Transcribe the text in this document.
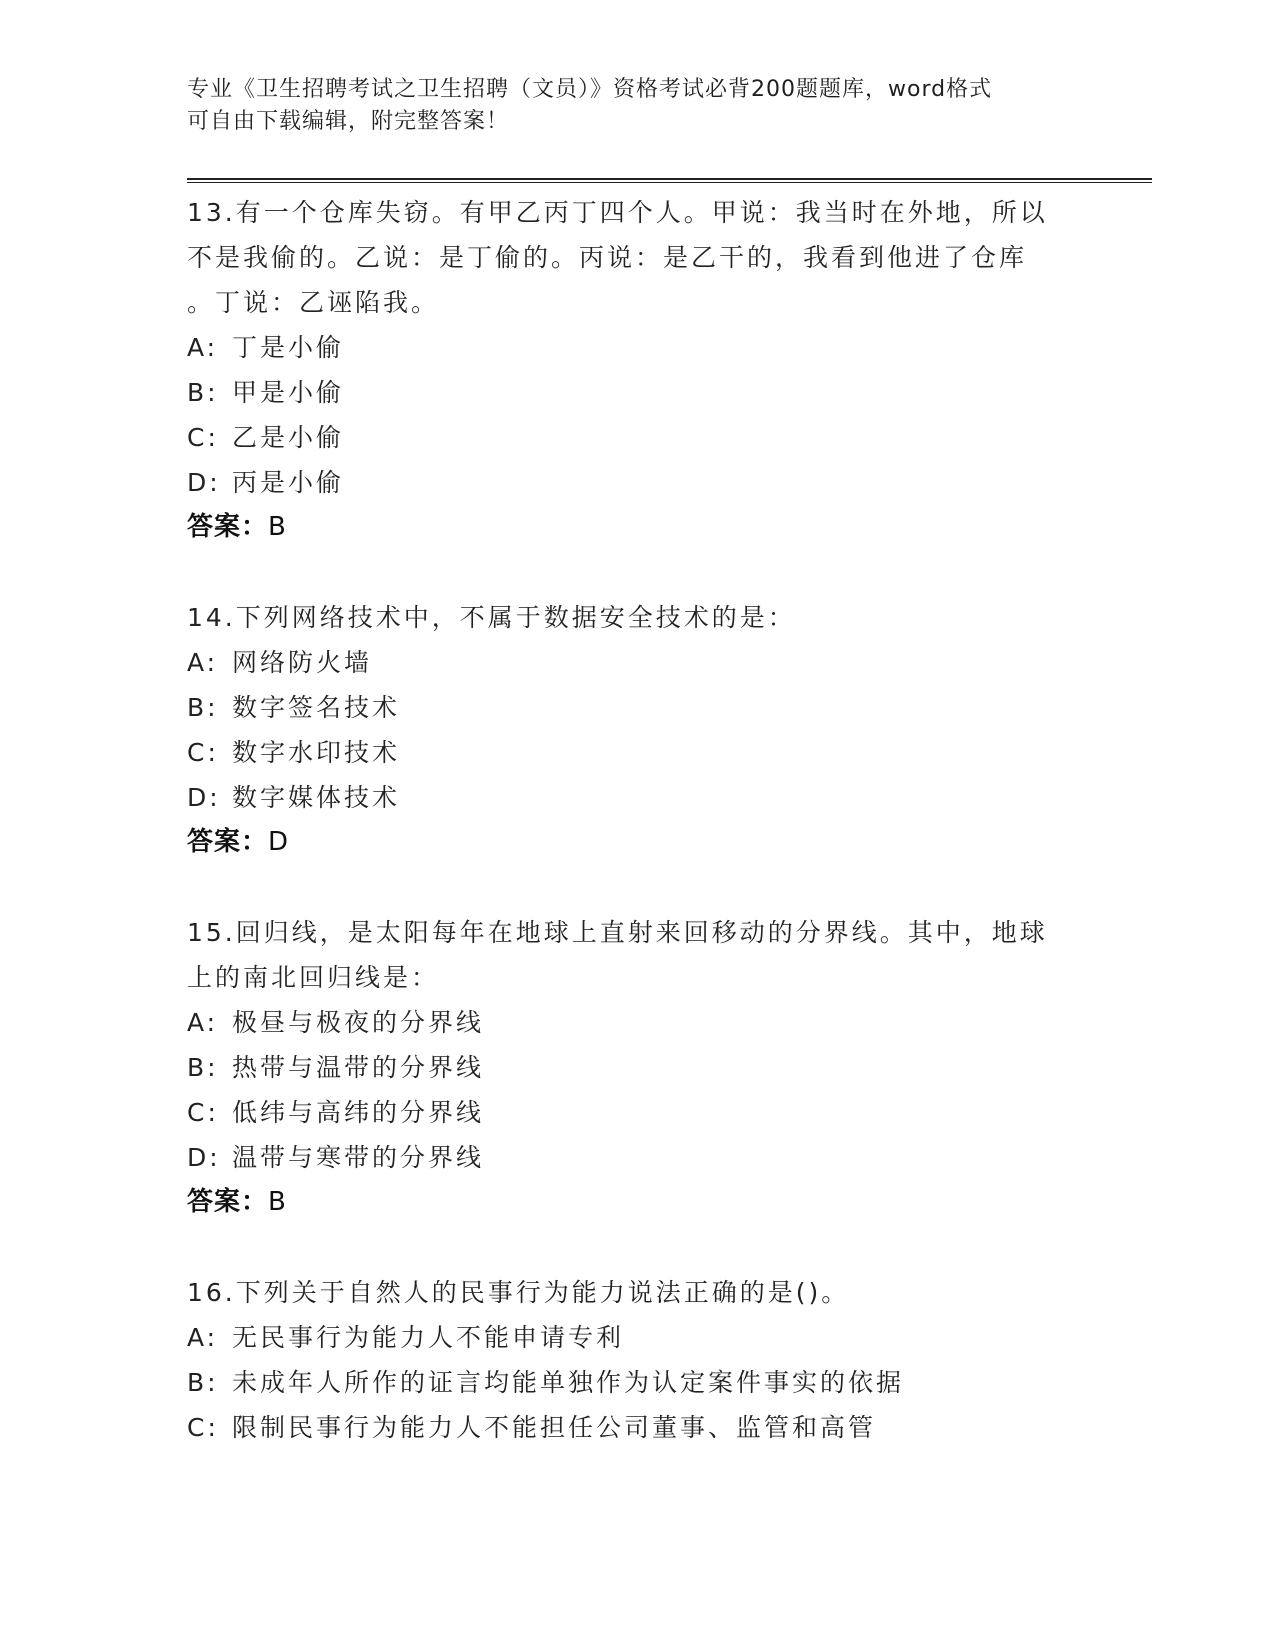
专业《卫生招聘考试之卫生招聘（文员）》资格考试必背200题题库，word格式
可自由下载编辑，附完整答案！
13.有一个仓库失窃。有甲乙丙丁四个人。甲说：我当时在外地，所以
不是我偷的。乙说：是丁偷的。丙说：是乙干的，我看到他进了仓库
。丁说：乙诬陷我。
A: 丁是小偷
B: 甲是小偷
C: 乙是小偷
D: 丙是小偷
答案：B
14.下列网络技术中，不属于数据安全技术的是：
A: 网络防火墙
B: 数字签名技术
C: 数字水印技术
D: 数字媒体技术
答案：D
15.回归线，是太阳每年在地球上直射来回移动的分界线。其中，地球
上的南北回归线是：
A: 极昼与极夜的分界线
B: 热带与温带的分界线
C: 低纬与高纬的分界线
D: 温带与寒带的分界线
答案：B
16.下列关于自然人的民事行为能力说法正确的是()。
A: 无民事行为能力人不能申请专利
B: 未成年人所作的证言均能单独作为认定案件事实的依据
C: 限制民事行为能力人不能担任公司董事、监管和高管
